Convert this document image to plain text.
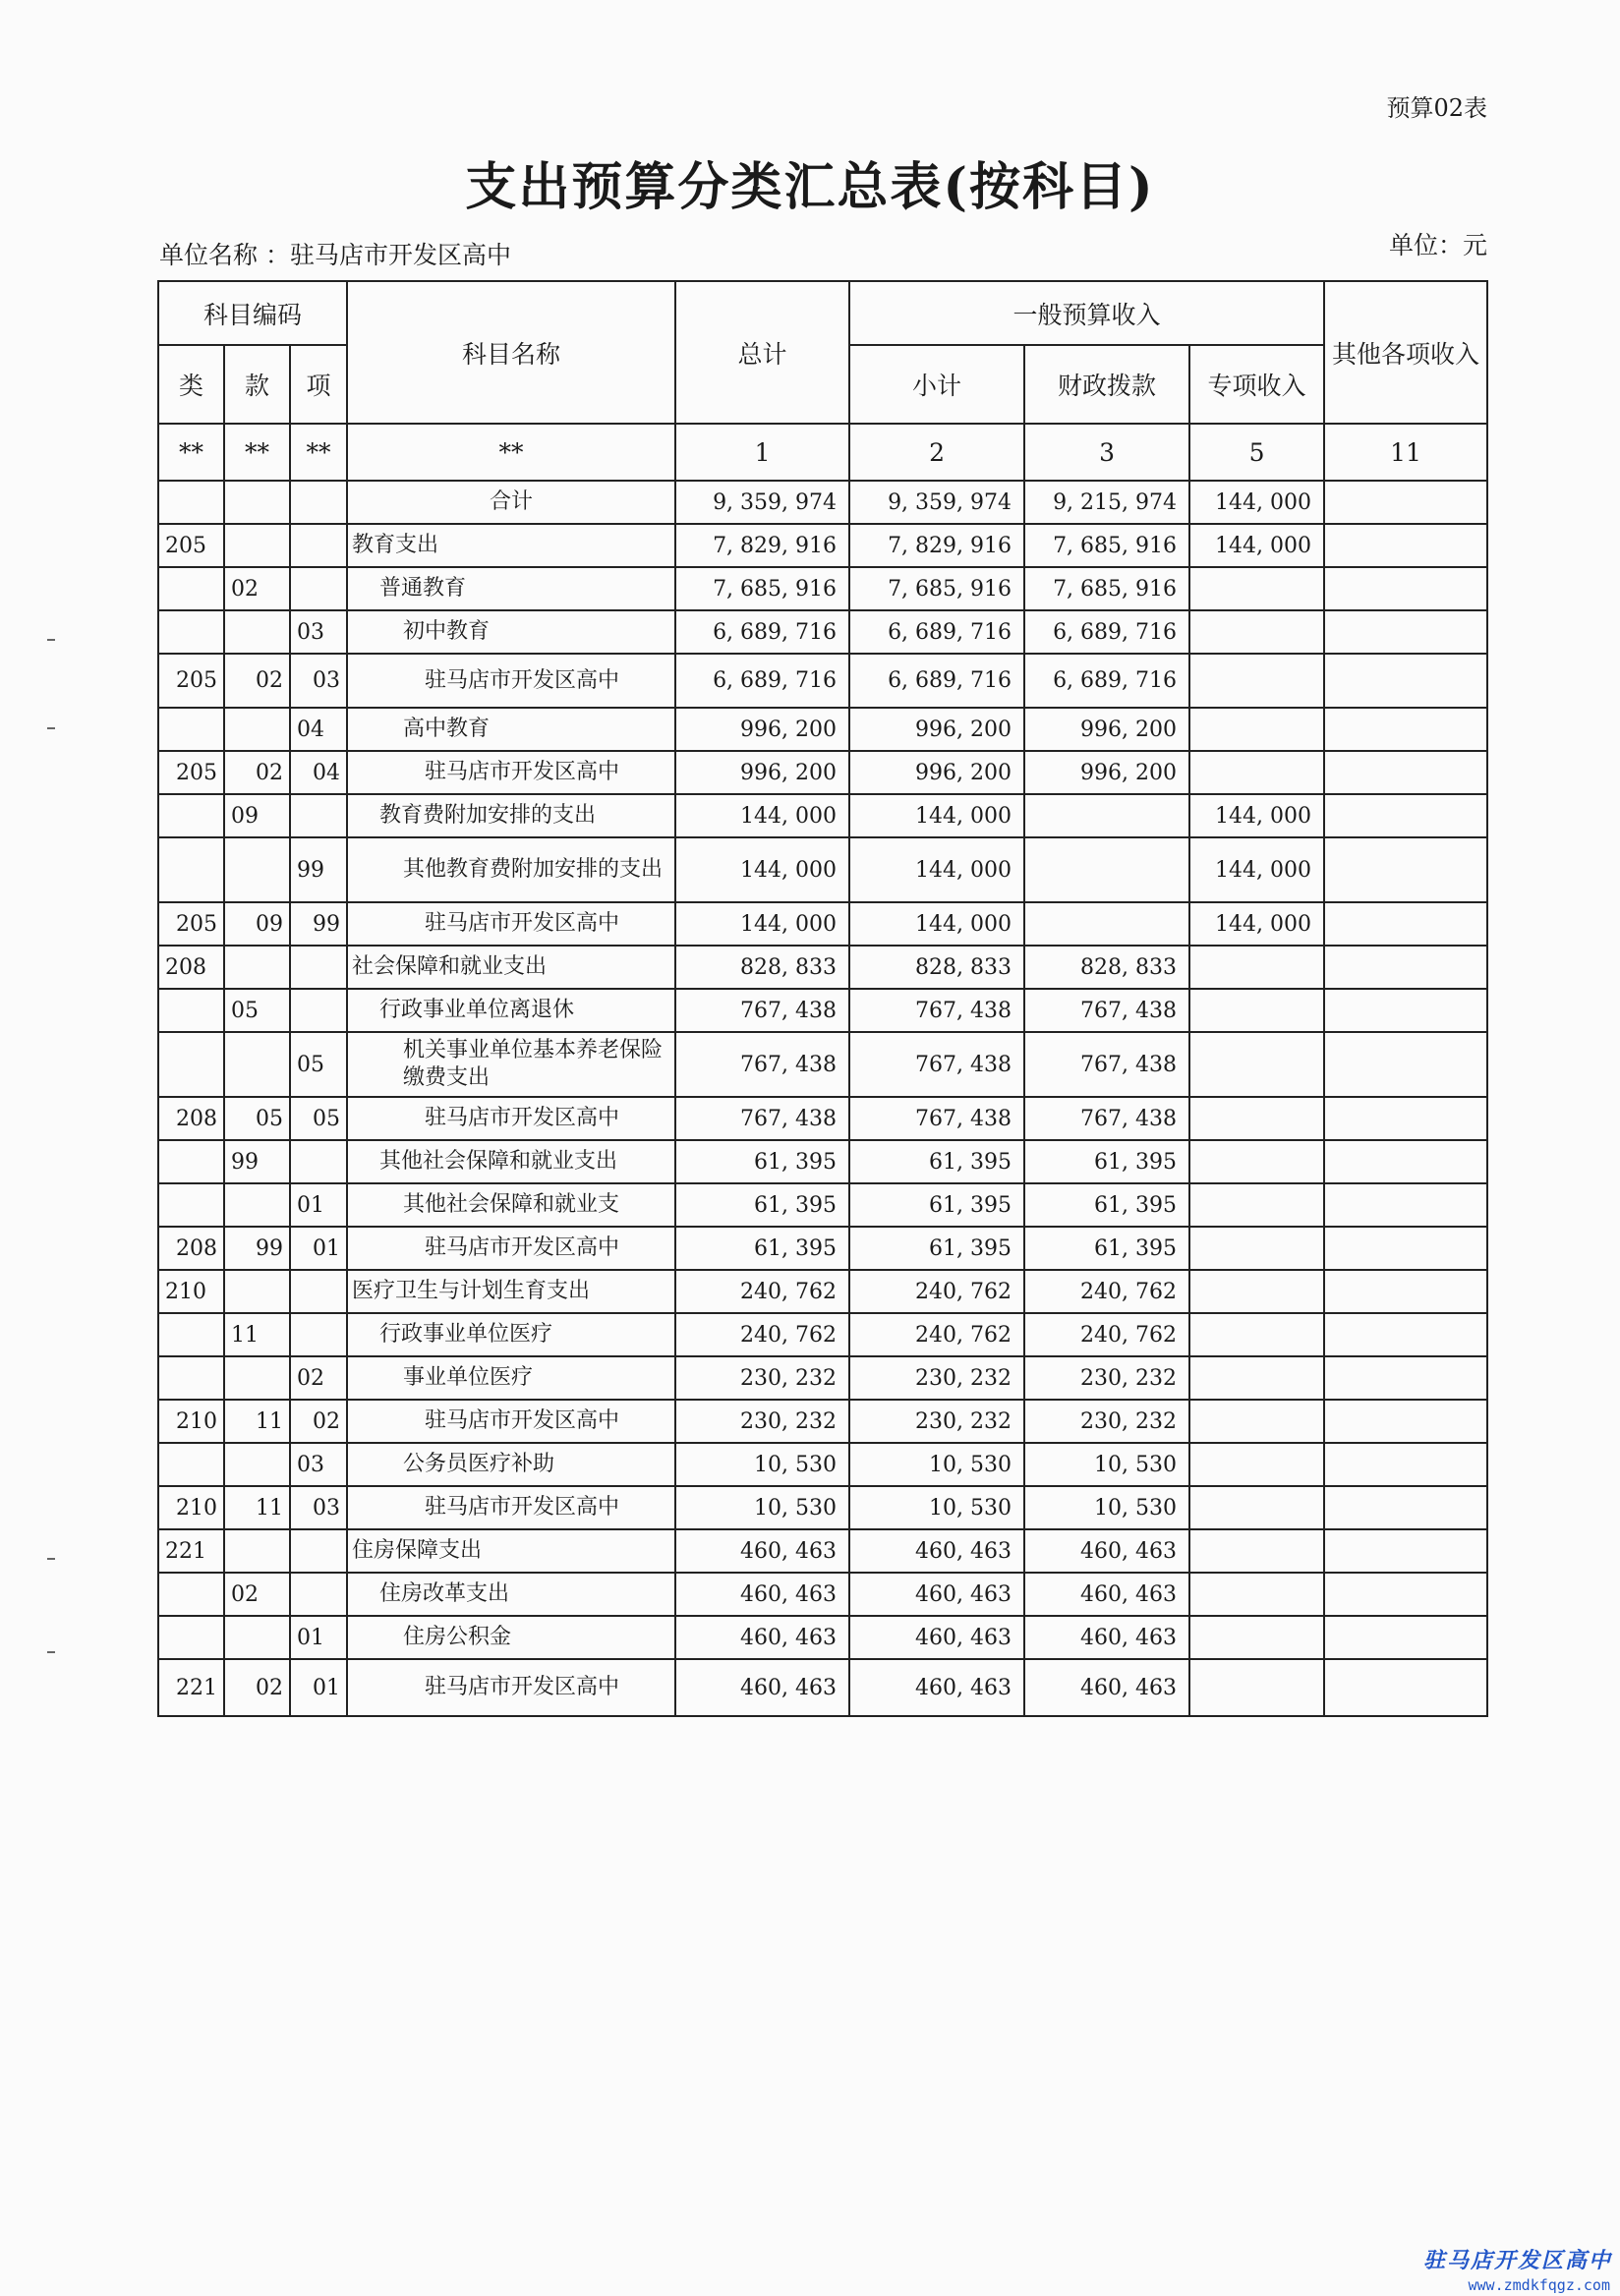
预算02表
支出预算分类汇总表(按科目)
单位名称 ：驻马店市开发区高中	单位：元
科目编码			科目名称	总计	一般预算收入			其他各项收入
类	款	项			小计	财政拨款	专项收入	
**	**	**	**	1	2	3	5	11
			合计	9, 359, 974	9, 359, 974	9, 215, 974	144, 000	
205			教育支出	7, 829, 916	7, 829, 916	7, 685, 916	144, 000	
	02		普通教育	7, 685, 916	7, 685, 916	7, 685, 916		
		03	初中教育	6, 689, 716	6, 689, 716	6, 689, 716		
205	02	03	驻马店市开发区高中	6, 689, 716	6, 689, 716	6, 689, 716		
		04	高中教育	996, 200	996, 200	996, 200		
205	02	04	驻马店市开发区高中	996, 200	996, 200	996, 200		
	09		教育费附加安排的支出	144, 000	144, 000		144, 000	
		99	其他教育费附加安排的支出	144, 000	144, 000		144, 000	
205	09	99	驻马店市开发区高中	144, 000	144, 000		144, 000	
208			社会保障和就业支出	828, 833	828, 833	828, 833		
	05		行政事业单位离退休	767, 438	767, 438	767, 438		
		05	机关事业单位基本养老保险缴费支出	767, 438	767, 438	767, 438		
208	05	05	驻马店市开发区高中	767, 438	767, 438	767, 438		
	99		其他社会保障和就业支出	61, 395	61, 395	61, 395		
		01	其他社会保障和就业支	61, 395	61, 395	61, 395		
208	99	01	驻马店市开发区高中	61, 395	61, 395	61, 395		
210			医疗卫生与计划生育支出	240, 762	240, 762	240, 762		
	11		行政事业单位医疗	240, 762	240, 762	240, 762		
		02	事业单位医疗	230, 232	230, 232	230, 232		
210	11	02	驻马店市开发区高中	230, 232	230, 232	230, 232		
		03	公务员医疗补助	10, 530	10, 530	10, 530		
210	11	03	驻马店市开发区高中	10, 530	10, 530	10, 530		
221			住房保障支出	460, 463	460, 463	460, 463		
	02		住房改革支出	460, 463	460, 463	460, 463		
		01	住房公积金	460, 463	460, 463	460, 463		
221	02	01	驻马店市开发区高中	460, 463	460, 463	460, 463		
驻马店开发区高中
www.zmdkfqgz.com
